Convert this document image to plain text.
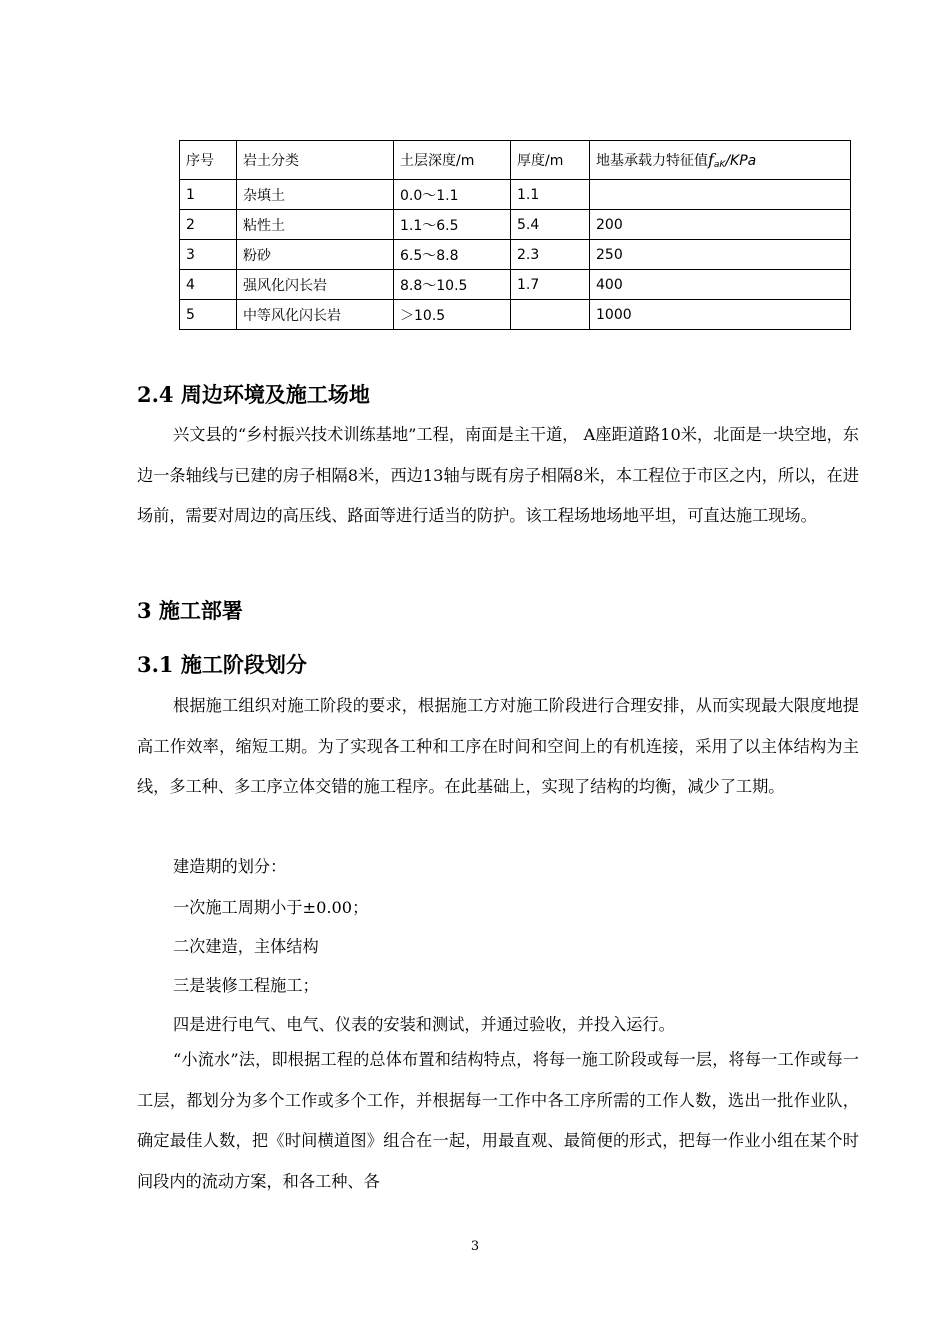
序号	岩土分类	土层深度/m	厚度/m	地基承载力特征值$f_{aK}$/KPa
1	杂填土	0.0～1.1	1.1	
2	粘性土	1.1～6.5	5.4	200
3	粉砂	6.5～8.8	2.3	250
4	强风化闪长岩	8.8～10.5	1.7	400
5	中等风化闪长岩	＞10.5		1000
2.4 周边环境及施工场地

兴文县的“乡村振兴技术训练基地”工程，南面是主干道， A座距道路10米，北面是一块空地，东边一条轴线与已建的房子相隔8米，西边13轴与既有房子相隔8米，本工程位于市区之内，所以，在进场前，需要对周边的高压线、路面等进行适当的防护。该工程场地场地平坦，可直达施工现场。

3 施工部署
3.1 施工阶段划分

根据施工组织对施工阶段的要求，根据施工方对施工阶段进行合理安排，从而实现最大限度地提高工作效率，缩短工期。为了实现各工种和工序在时间和空间上的有机连接，采用了以主体结构为主线，多工种、多工序立体交错的施工程序。在此基础上，实现了结构的均衡，减少了工期。

建造期的划分：

一次施工周期小于±0.00；

二次建造，主体结构

三是装修工程施工；

四是进行电气、电气、仪表的安装和测试，并通过验收，并投入运行。

“小流水”法，即根据工程的总体布置和结构特点，将每一施工阶段或每一层，将每一工作或每一工层，都划分为多个工作或多个工作，并根据每一工作中各工序所需的工作人数，选出一批作业队，确定最佳人数，把《时间横道图》组合在一起，用最直观、最简便的形式，把每一作业小组在某个时间段内的流动方案，和各工种、各

3
